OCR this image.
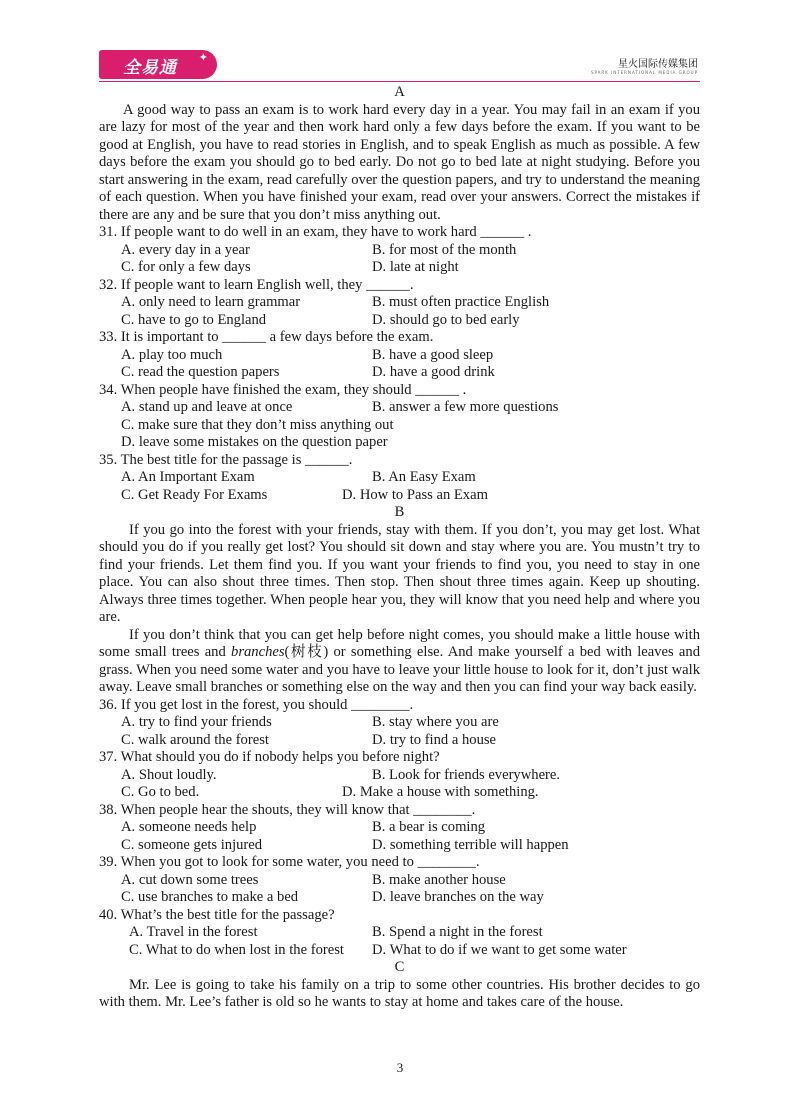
全易通 ✦
星火国际传媒集团
SPARK INTERNATIONAL MEDIA GROUP
A

A good way to pass an exam is to work hard every day in a year. You may fail in an exam if you are lazy for most of the year and then work hard only a few days before the exam. If you want to be good at English, you have to read stories in English, and to speak English as much as possible. A few days before the exam you should go to bed early. Do not go to bed late at night studying. Before you start answering in the exam, read carefully over the question papers, and try to understand the meaning of each question. When you have finished your exam, read over your answers. Correct the mistakes if there are any and be sure that you don’t miss anything out.

31. If people want to do well in an exam, they have to work hard ______ .
A. every day in a year	B. for most of the month
C. for only a few days	D. late at night
32. If people want to learn English well, they ______.
A. only need to learn grammar	B. must often practice English
C. have to go to England	D. should go to bed early
33. It is important to ______ a few days before the exam.
A. play too much	B. have a good sleep
C. read the question papers	D. have a good drink
34. When people have finished the exam, they should ______ .
A. stand up and leave at once	B. answer a few more questions
C. make sure that they don’t miss anything out
D. leave some mistakes on the question paper
35. The best title for the passage is ______.
A. An Important Exam	B. An Easy Exam
C. Get Ready For Exams	D. How to Pass an Exam
B

If you go into the forest with your friends, stay with them. If you don’t, you may get lost. What should you do if you really get lost? You should sit down and stay where you are. You mustn’t try to find your friends. Let them find you. If you want your friends to find you, you need to stay in one place. You can also shout three times. Then stop. Then shout three times again. Keep up shouting. Always three times together. When people hear you, they will know that you need help and where you are.

If you don’t think that you can get help before night comes, you should make a little house with some small trees and branches(树枝) or something else. And make yourself a bed with leaves and grass. When you need some water and you have to leave your little house to look for it, don’t just walk away. Leave small branches or something else on the way and then you can find your way back easily.

36. If you get lost in the forest, you should ________.
A. try to find your friends	B. stay where you are
C. walk around the forest	D. try to find a house
37. What should you do if nobody helps you before night?
A. Shout loudly.	B. Look for friends everywhere.
C. Go to bed.	D. Make a house with something.
38. When people hear the shouts, they will know that ________.
A. someone needs help	B. a bear is coming
C. someone gets injured	D. something terrible will happen
39. When you got to look for some water, you need to ________.
A. cut down some trees	B. make another house
C. use branches to make a bed	D. leave branches on the way
40. What’s the best title for the passage?
A. Travel in the forest	B. Spend a night in the forest
C. What to do when lost in the forest D. What to do if we want to get some water
C

Mr. Lee is going to take his family on a trip to some other countries. His brother decides to go with them. Mr. Lee’s father is old so he wants to stay at home and takes care of the house.

3
